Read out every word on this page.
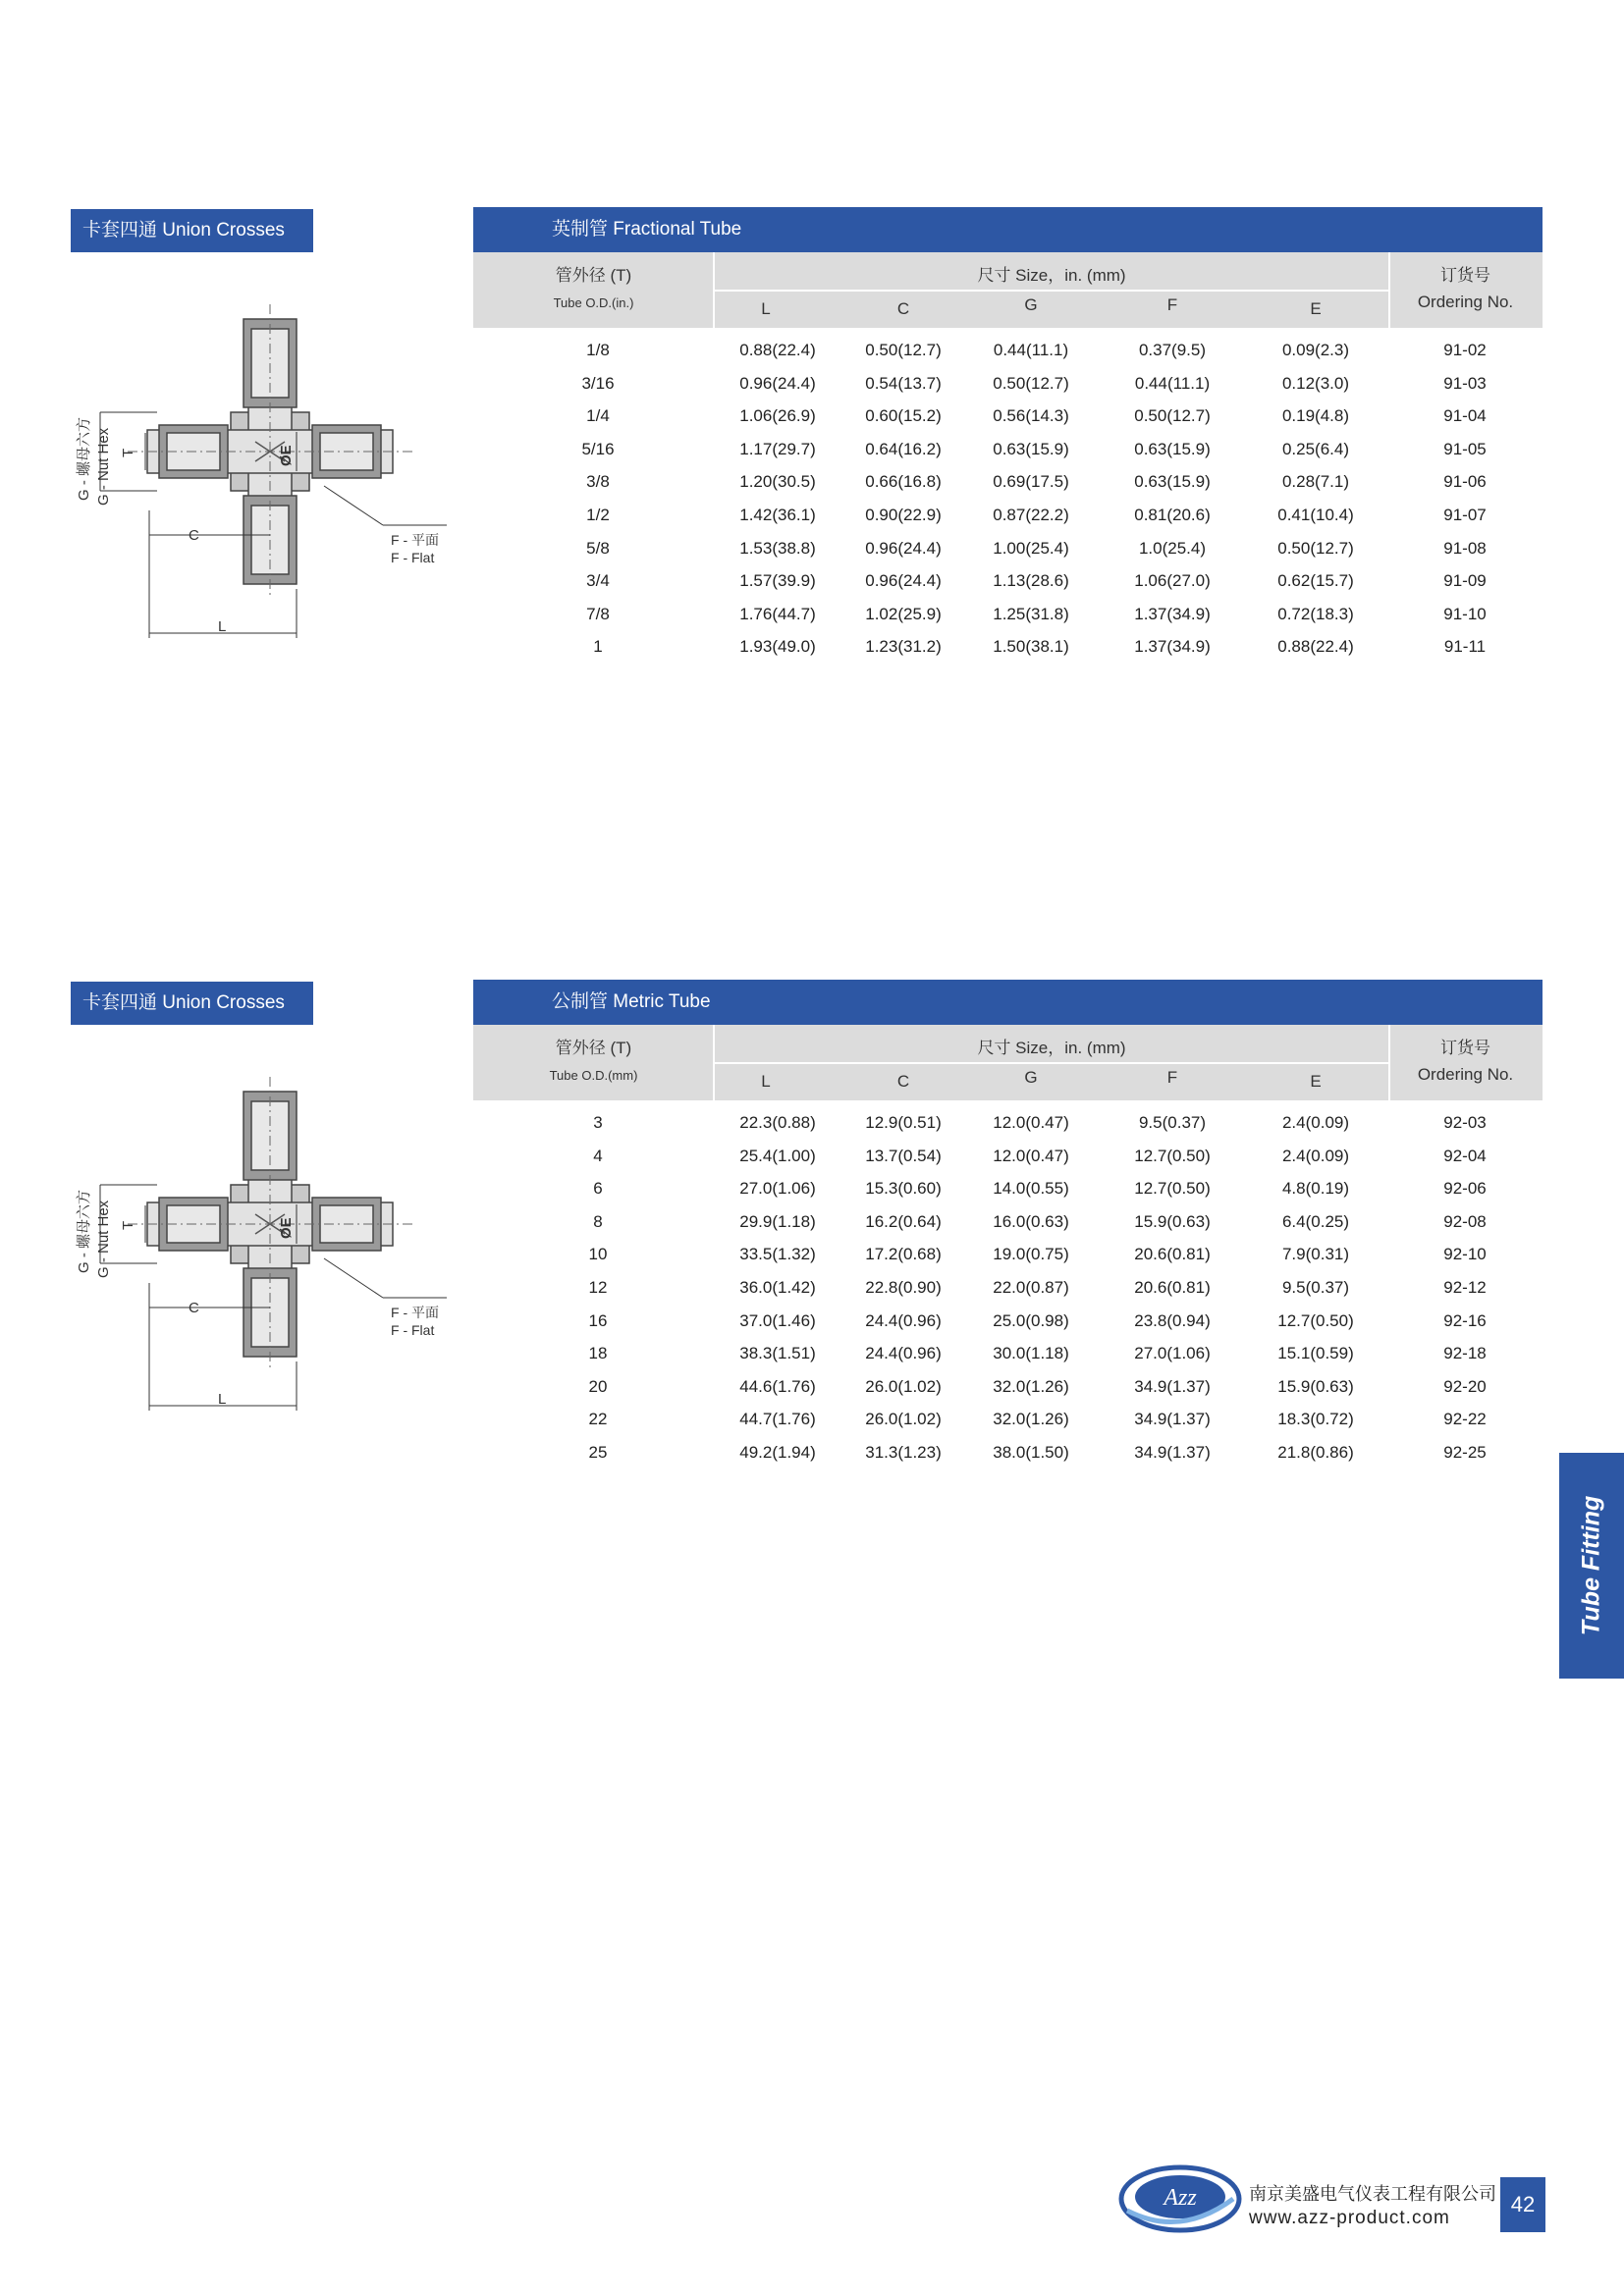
卡套四通 Union Crosses	英制管 Fractional Tube
管外径 (T)
Tube O.D.(in.)
尺寸 Size，in. (mm)	订货号
Ordering No.
L	C	G	F	E
1/8	0.88(22.4)	0.50(12.7)	0.44(11.1)	0.37(9.5)	0.09(2.3)	91-02
3/16	0.96(24.4)	0.54(13.7)	0.50(12.7)	0.44(11.1)	0.12(3.0)	91-03
1/4	1.06(26.9)	0.60(15.2)	0.56(14.3)	0.50(12.7)	0.19(4.8)	91-04
5/16	1.17(29.7)	0.64(16.2)	0.63(15.9)	0.63(15.9)	0.25(6.4)	91-05
3/8	1.20(30.5)	0.66(16.8)	0.69(17.5)	0.63(15.9)	0.28(7.1)	91-06
1/2	1.42(36.1)	0.90(22.9)	0.87(22.2)	0.81(20.6)	0.41(10.4)	91-07
5/8	1.53(38.8)	0.96(24.4)	1.00(25.4)	1.0(25.4)	0.50(12.7)	91-08
3/4	1.57(39.9)	0.96(24.4)	1.13(28.6)	1.06(27.0)	0.62(15.7)	91-09
7/8	1.76(44.7)	1.02(25.9)	1.25(31.8)	1.37(34.9)	0.72(18.3)	91-10
1	1.93(49.0)	1.23(31.2)	1.50(38.1)	1.37(34.9)	0.88(22.4)	91-11
G - 螺母六方 G - Nut Hex T	ØE
C
L
F - 平面
F - Flat
卡套四通 Union Crosses	公制管 Metric Tube
管外径 (T)
Tube O.D.(mm)
尺寸 Size，in. (mm)	订货号
Ordering No.
L	C	G	F	E
3	22.3(0.88)	12.9(0.51)	12.0(0.47)	9.5(0.37)	2.4(0.09)	92-03
4	25.4(1.00)	13.7(0.54)	12.0(0.47)	12.7(0.50)	2.4(0.09)	92-04
6	27.0(1.06)	15.3(0.60)	14.0(0.55)	12.7(0.50)	4.8(0.19)	92-06
8	29.9(1.18)	16.2(0.64)	16.0(0.63)	15.9(0.63)	6.4(0.25)	92-08
10	33.5(1.32)	17.2(0.68)	19.0(0.75)	20.6(0.81)	7.9(0.31)	92-10
12	36.0(1.42)	22.8(0.90)	22.0(0.87)	20.6(0.81)	9.5(0.37)	92-12
16	37.0(1.46)	24.4(0.96)	25.0(0.98)	23.8(0.94)	12.7(0.50)	92-16
18	38.3(1.51)	24.4(0.96)	30.0(1.18)	27.0(1.06)	15.1(0.59)	92-18
20	44.6(1.76)	26.0(1.02)	32.0(1.26)	34.9(1.37)	15.9(0.63)	92-20
22	44.7(1.76)	26.0(1.02)	32.0(1.26)	34.9(1.37)	18.3(0.72)	92-22
25	49.2(1.94)	31.3(1.23)	38.0(1.50)	34.9(1.37)	21.8(0.86)	92-25
G - 螺母六方 G - Nut Hex T	ØE
C
L
F - 平面
F - Flat
Tube Fitting
Azz	南京美盛电气仪表工程有限公司
www.azz-product.com
42
